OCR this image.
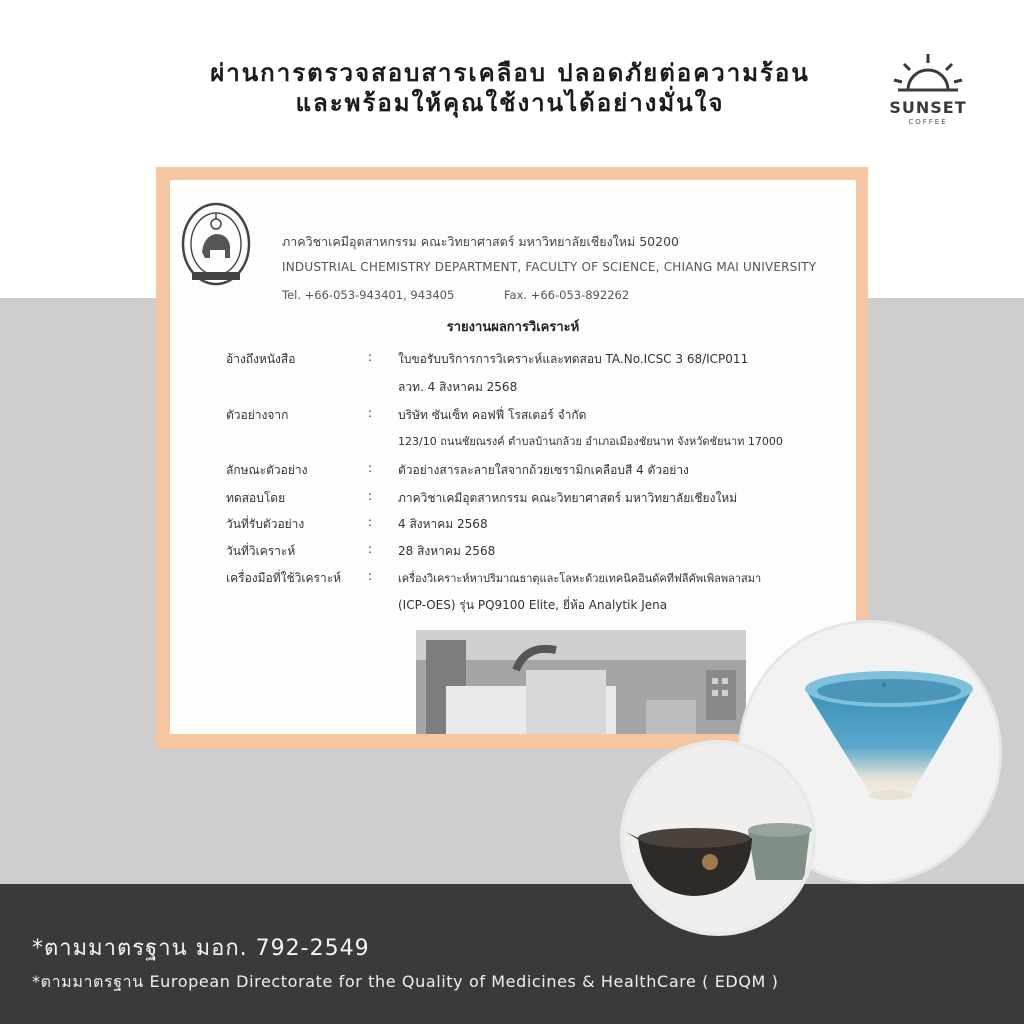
ผ่านการตรวจสอบสารเคลือบ ปลอดภัยต่อความร้อน
และพร้อมให้คุณใช้งานได้อย่างมั่นใจ	SUNSET
COFFEE
ภาควิชาเคมีอุตสาหกรรม คณะวิทยาศาสตร์ มหาวิทยาลัยเชียงใหม่ 50200
INDUSTRIAL CHEMISTRY DEPARTMENT, FACULTY OF SCIENCE, CHIANG MAI UNIVERSITY
Tel. +66-053-943401, 943405	Fax. +66-053-892262
รายงานผลการวิเคราะห์
อ้างถึงหนังสือ	: ใบขอรับบริการการวิเคราะห์และทดสอบ TA.No.ICSC 3 68/ICP011
ลวท. 4 สิงหาคม 2568
ตัวอย่างจาก	: บริษัท ซันเซ็ท คอฟฟี่ โรสเตอร์ จำกัด
123/10 ถนนชัยณรงค์ ตำบลบ้านกล้วย อำเภอเมืองชัยนาท จังหวัดชัยนาท 17000
ลักษณะตัวอย่าง	: ตัวอย่างสารละลายใสจากถ้วยเซรามิกเคลือบสี 4 ตัวอย่าง
ทดสอบโดย	: ภาควิชาเคมีอุตสาหกรรม คณะวิทยาศาสตร์ มหาวิทยาลัยเชียงใหม่
วันที่รับตัวอย่าง	: 4 สิงหาคม 2568
วันที่วิเคราะห์	: 28 สิงหาคม 2568
เครื่องมือที่ใช้วิเคราะห์ : เครื่องวิเคราะห์หาปริมาณธาตุและโลหะด้วยเทคนิคอินดัคทีฟลีคัพเพิลพลาสมา
(ICP-OES) รุ่น PQ9100 Elite, ยี่ห้อ Analytik Jena
☼
*ตามมาตรฐาน มอก. 792-2549
*ตามมาตรฐาน European Directorate for the Quality of Medicines & HealthCare ( EDQM )
